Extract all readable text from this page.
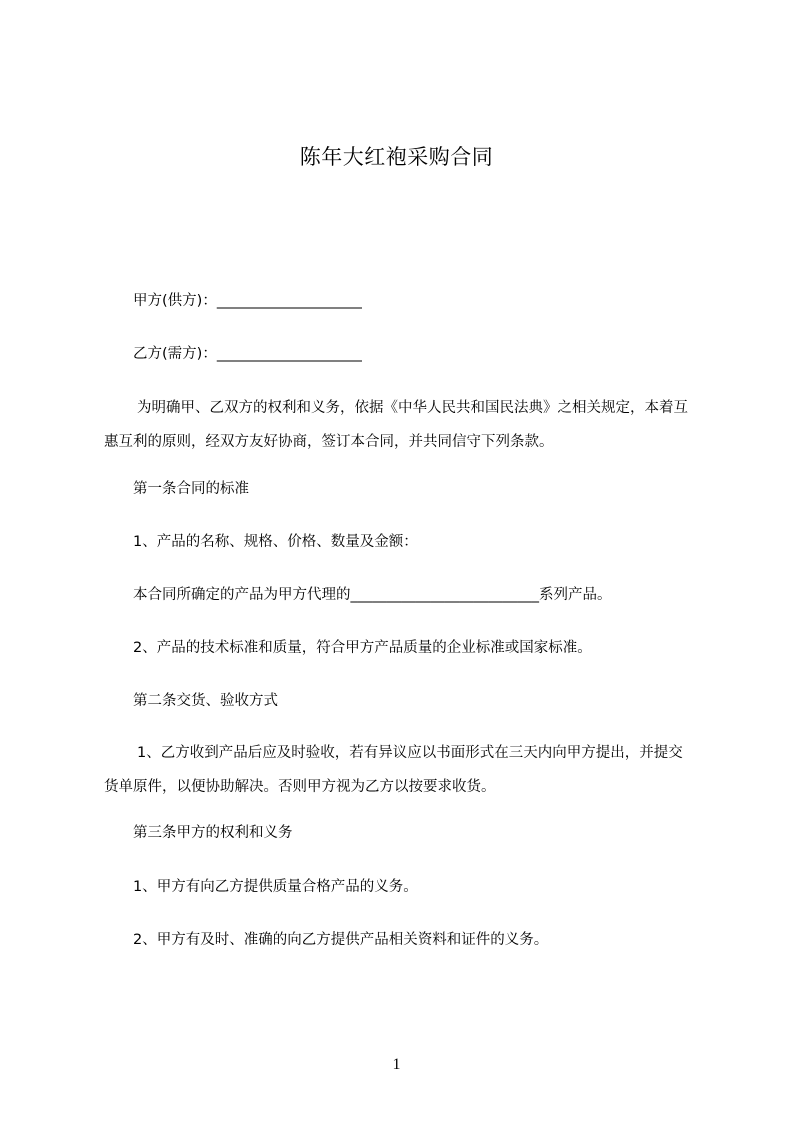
陈年大红袍采购合同
甲方(供方)：____________________
乙方(需方)：____________________
为明确甲、乙双方的权利和义务，依据《中华人民共和国民法典》之相关规定，本着互惠互利的原则，经双方友好协商，签订本合同，并共同信守下列条款。
第一条合同的标准
1、产品的名称、规格、价格、数量及金额：
本合同所确定的产品为甲方代理的__________________________系列产品。
2、产品的技术标准和质量，符合甲方产品质量的企业标准或国家标准。
第二条交货、验收方式
1、乙方收到产品后应及时验收，若有异议应以书面形式在三天内向甲方提出，并提交货单原件，以便协助解决。否则甲方视为乙方以按要求收货。
第三条甲方的权利和义务
1、甲方有向乙方提供质量合格产品的义务。
2、甲方有及时、准确的向乙方提供产品相关资料和证件的义务。
1
